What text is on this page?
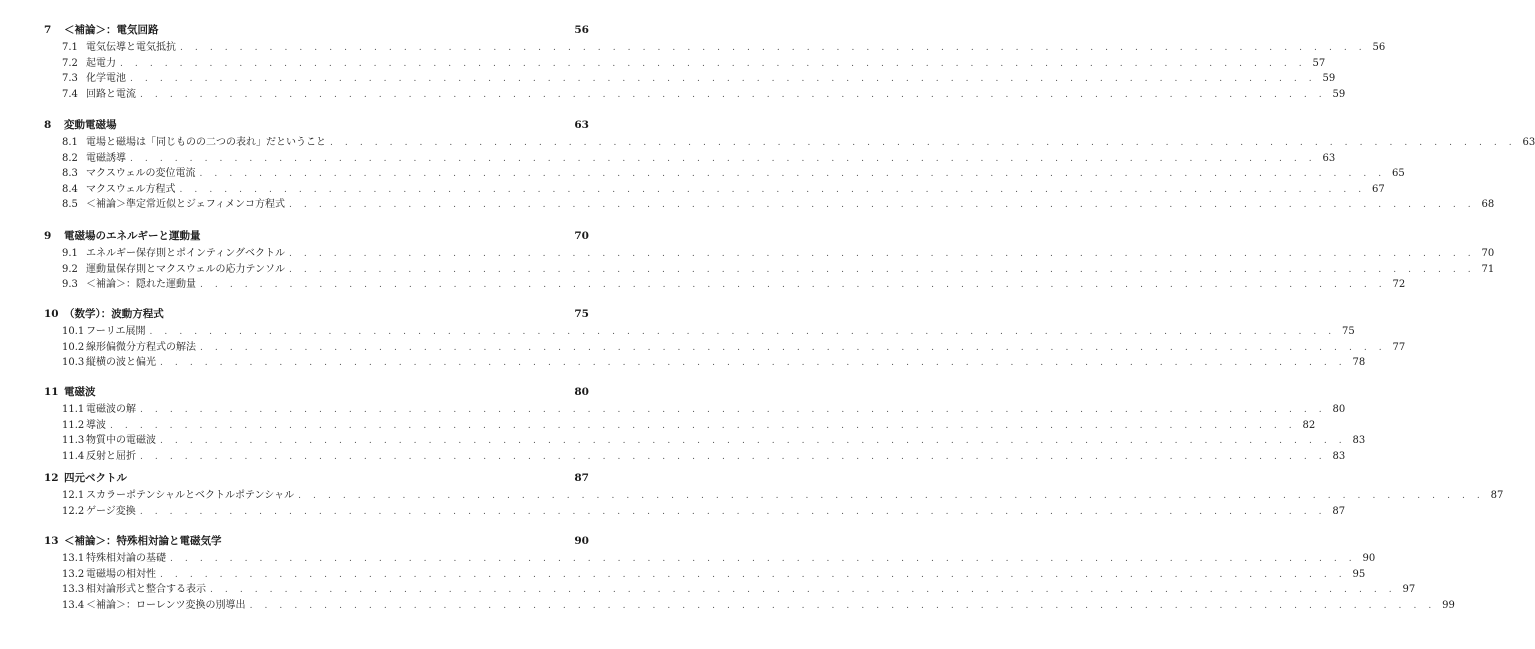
7	＜補論＞：電気回路	56
7.1 電気伝導と電気抵抗 . . . . . . . . . . . . . . . . . . . . . . . . . . . . . . . . . . . . . . . . . . . . . . . . . . . . . . . . . . . . . . . . . . . . . . . . . . . . . . . . 56
7.2 起電力 . . . . . . . . . . . . . . . . . . . . . . . . . . . . . . . . . . . . . . . . . . . . . . . . . . . . . . . . . . . . . . . . . . . . . . . . . . . . . . . . 57
7.3 化学電池 . . . . . . . . . . . . . . . . . . . . . . . . . . . . . . . . . . . . . . . . . . . . . . . . . . . . . . . . . . . . . . . . . . . . . . . . . . . . . . . . 59
7.4 回路と電流 . . . . . . . . . . . . . . . . . . . . . . . . . . . . . . . . . . . . . . . . . . . . . . . . . . . . . . . . . . . . . . . . . . . . . . . . . . . . . . . . 59
8	変動電磁場	63
8.1 電場と磁場は「同じものの二つの表れ」だということ . . . . . . . . . . . . . . . . . . . . . . . . . . . . . . . . . . . . . . . . . . . . . . . . . . . . . . . . . . . . . . . . . . . . . . . . . . . . . . . . 63
8.2 電磁誘導 . . . . . . . . . . . . . . . . . . . . . . . . . . . . . . . . . . . . . . . . . . . . . . . . . . . . . . . . . . . . . . . . . . . . . . . . . . . . . . . . 63
8.3 マクスウェルの変位電流 . . . . . . . . . . . . . . . . . . . . . . . . . . . . . . . . . . . . . . . . . . . . . . . . . . . . . . . . . . . . . . . . . . . . . . . . . . . . . . . . 65
8.4 マクスウェル方程式 . . . . . . . . . . . . . . . . . . . . . . . . . . . . . . . . . . . . . . . . . . . . . . . . . . . . . . . . . . . . . . . . . . . . . . . . . . . . . . . . 67
8.5 ＜補論＞準定常近似とジェフィメンコ方程式 . . . . . . . . . . . . . . . . . . . . . . . . . . . . . . . . . . . . . . . . . . . . . . . . . . . . . . . . . . . . . . . . . . . . . . . . . . . . . . . . 68
9	電磁場のエネルギーと運動量	70
9.1 エネルギー保存則とポインティングベクトル . . . . . . . . . . . . . . . . . . . . . . . . . . . . . . . . . . . . . . . . . . . . . . . . . . . . . . . . . . . . . . . . . . . . . . . . . . . . . . . . 70
9.2 運動量保存則とマクスウェルの応力テンソル . . . . . . . . . . . . . . . . . . . . . . . . . . . . . . . . . . . . . . . . . . . . . . . . . . . . . . . . . . . . . . . . . . . . . . . . . . . . . . . . 71
9.3 ＜補論＞：隠れた運動量 . . . . . . . . . . . . . . . . . . . . . . . . . . . . . . . . . . . . . . . . . . . . . . . . . . . . . . . . . . . . . . . . . . . . . . . . . . . . . . . . 72
10 （数学）：波動方程式	75
10.1 フーリエ展開 . . . . . . . . . . . . . . . . . . . . . . . . . . . . . . . . . . . . . . . . . . . . . . . . . . . . . . . . . . . . . . . . . . . . . . . . . . . . . . . . 75
10.2 線形偏微分方程式の解法 . . . . . . . . . . . . . . . . . . . . . . . . . . . . . . . . . . . . . . . . . . . . . . . . . . . . . . . . . . . . . . . . . . . . . . . . . . . . . . . . 77
10.3 縦横の波と偏光 . . . . . . . . . . . . . . . . . . . . . . . . . . . . . . . . . . . . . . . . . . . . . . . . . . . . . . . . . . . . . . . . . . . . . . . . . . . . . . . . 78
11 電磁波	80
11.1 電磁波の解 . . . . . . . . . . . . . . . . . . . . . . . . . . . . . . . . . . . . . . . . . . . . . . . . . . . . . . . . . . . . . . . . . . . . . . . . . . . . . . . . 80
11.2 導波 . . . . . . . . . . . . . . . . . . . . . . . . . . . . . . . . . . . . . . . . . . . . . . . . . . . . . . . . . . . . . . . . . . . . . . . . . . . . . . . . 82
11.3 物質中の電磁波 . . . . . . . . . . . . . . . . . . . . . . . . . . . . . . . . . . . . . . . . . . . . . . . . . . . . . . . . . . . . . . . . . . . . . . . . . . . . . . . . 83
11.4 反射と屈折 . . . . . . . . . . . . . . . . . . . . . . . . . . . . . . . . . . . . . . . . . . . . . . . . . . . . . . . . . . . . . . . . . . . . . . . . . . . . . . . . 83
12 四元ベクトル	87
12.1 スカラーポテンシャルとベクトルポテンシャル . . . . . . . . . . . . . . . . . . . . . . . . . . . . . . . . . . . . . . . . . . . . . . . . . . . . . . . . . . . . . . . . . . . . . . . . . . . . . . . . 87
12.2 ゲージ変換 . . . . . . . . . . . . . . . . . . . . . . . . . . . . . . . . . . . . . . . . . . . . . . . . . . . . . . . . . . . . . . . . . . . . . . . . . . . . . . . . 87
13 ＜補論＞：特殊相対論と電磁気学	90
13.1 特殊相対論の基礎 . . . . . . . . . . . . . . . . . . . . . . . . . . . . . . . . . . . . . . . . . . . . . . . . . . . . . . . . . . . . . . . . . . . . . . . . . . . . . . . . 90
13.2 電磁場の相対性 . . . . . . . . . . . . . . . . . . . . . . . . . . . . . . . . . . . . . . . . . . . . . . . . . . . . . . . . . . . . . . . . . . . . . . . . . . . . . . . . 95
13.3 相対論形式と整合する表示 . . . . . . . . . . . . . . . . . . . . . . . . . . . . . . . . . . . . . . . . . . . . . . . . . . . . . . . . . . . . . . . . . . . . . . . . . . . . . . . . 97
13.4 ＜補論＞：ローレンツ変換の別導出 . . . . . . . . . . . . . . . . . . . . . . . . . . . . . . . . . . . . . . . . . . . . . . . . . . . . . . . . . . . . . . . . . . . . . . . . . . . . . . . . 99
